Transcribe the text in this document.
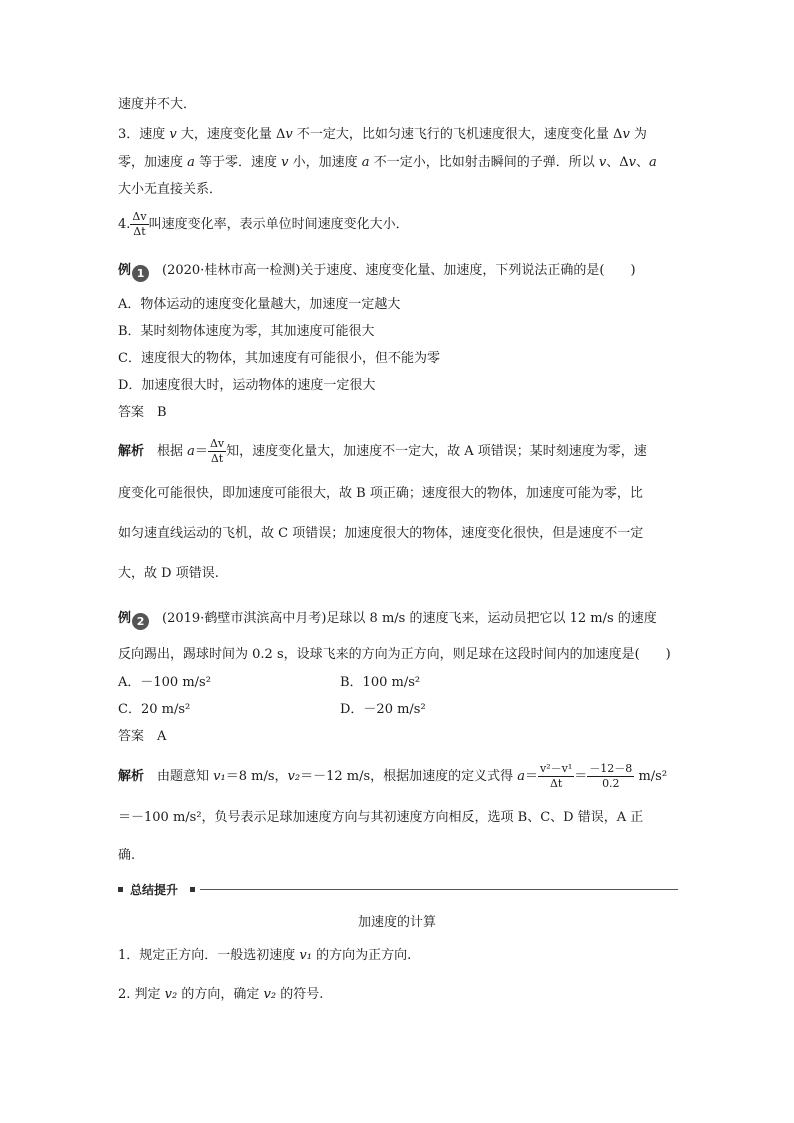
速度并不大．
3．速度 v 大，速度变化量 Δv 不一定大，比如匀速飞行的飞机速度很大，速度变化量 Δv 为
零，加速度 a 等于零．速度 v 小，加速度 a 不一定小，比如射击瞬间的子弹．所以 v、Δv、a
大小无直接关系．
4. $\frac{\Delta v}{\Delta t}$ 叫速度变化率，表示单位时间速度变化大小．
例 1　 (2020·桂林市高一检测)关于速度、速度变化量、加速度，下列说法正确的是(　　)
A．物体运动的速度变化量越大，加速度一定越大
B．某时刻物体速度为零，其加速度可能很大
C．速度很大的物体，其加速度有可能很小，但不能为零
D．加速度很大时，运动物体的速度一定很大
答案　B
解析　根据 $a= \frac{\Delta v}{\Delta t}$ 知，速度变化量大，加速度不一定大，故 A 项错误；某时刻速度为零，速
度变化可能很快，即加速度可能很大，故 B 项正确；速度很大的物体，加速度可能为零，比
如匀速直线运动的飞机，故 C 项错误；加速度很大的物体，速度变化很快，但是速度不一定
大，故 D 项错误.
例 2　 (2019·鹤壁市淇滨高中月考)足球以 8 m/s 的速度飞来，运动员把它以 12 m/s 的速度
反向踢出，踢球时间为 0.2 s，设球飞来的方向为正方向，则足球在这段时间内的加速度是(　　)
A．－100 m/s²	B．100 m/s²
C．20 m/s²	D．－20 m/s²
答案　A
解析　由题意知 v₁＝8 m/s，v₂＝－12 m/s，根据加速度的定义式得 $a= \frac{\text{v²－v¹}}{\Delta t} = \frac{-12-8}{0.2} m/s^2$
＝－100 m/s²，负号表示足球加速度方向与其初速度方向相反，选项 B、C、D 错误，A 正
确.
总结提升
加速度的计算
1．规定正方向．一般选初速度 v₁ 的方向为正方向.
2. 判定 v₂ 的方向，确定 v₂ 的符号.
